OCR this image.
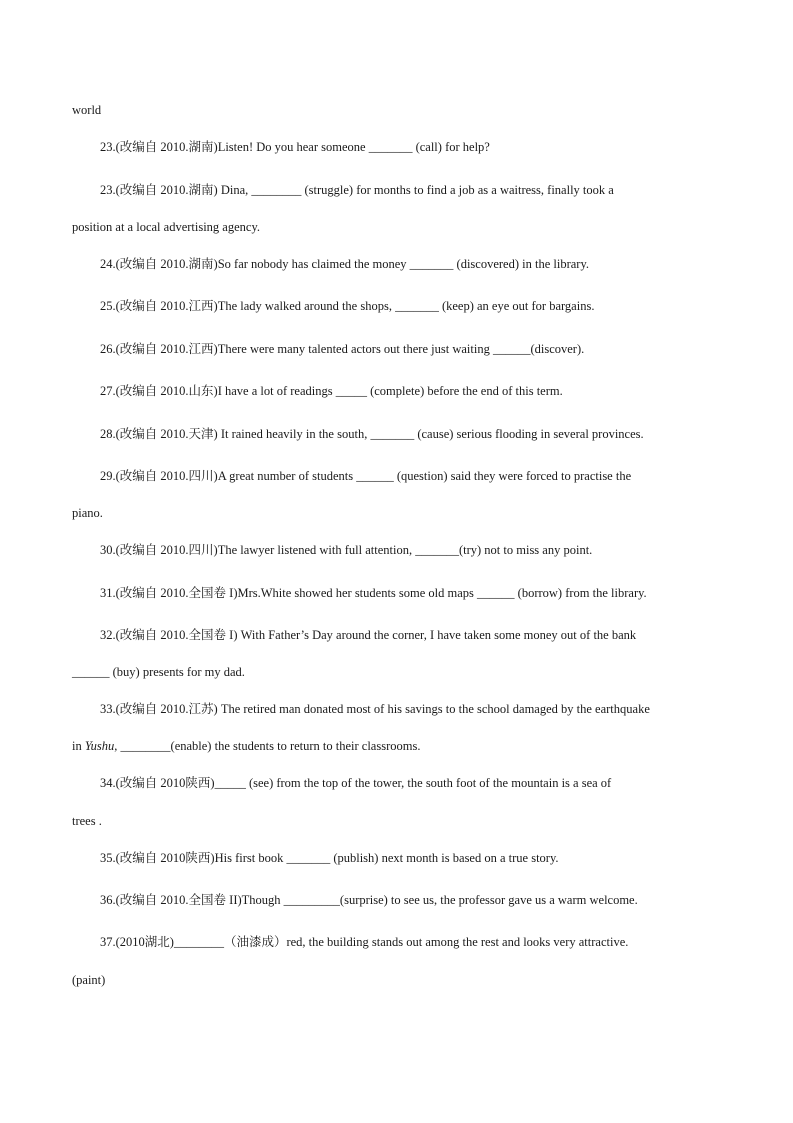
world
23.(改编自 2010.湖南)Listen! Do you hear someone _______ (call) for help?
23.(改编自 2010.湖南) Dina, ________ (struggle) for months to find a job as a waitress, finally took a
position at a local advertising agency.
24.(改编自 2010.湖南)So far nobody has claimed the money _______ (discovered) in the library.
25.(改编自 2010.江西)The lady walked around the shops, _______ (keep) an eye out for bargains.
26.(改编自 2010.江西)There were many talented actors out there just waiting ______(discover).
27.(改编自 2010.山东)I have a lot of readings _____ (complete) before the end of this term.
28.(改编自 2010.天津) It rained heavily in the south, _______ (cause) serious flooding in several provinces.
29.(改编自 2010.四川)A great number of students ______ (question) said they were forced to practise the
piano.
30.(改编自 2010.四川)The lawyer listened with full attention, _______(try) not to miss any point.
31.(改编自 2010.全国卷 I)Mrs.White showed her students some old maps ______ (borrow) from the library.
32.(改编自 2010.全国卷 I) With Father’s Day around the corner, I have taken some money out of the bank
______ (buy) presents for my dad.
33.(改编自 2010.江苏) The retired man donated most of his savings to the school damaged by the earthquake
in Yushu, ________(enable) the students to return to their classrooms.
34.(改编自 2010陕西)_____ (see) from the top of the tower, the south foot of the mountain is a sea of
trees .
35.(改编自 2010陕西)His first book _______ (publish) next month is based on a true story.
36.(改编自 2010.全国卷 II)Though _________(surprise) to see us, the professor gave us a warm welcome.
37.(2010湖北)________（油漆成）red, the building stands out among the rest and looks very attractive.
(paint)
